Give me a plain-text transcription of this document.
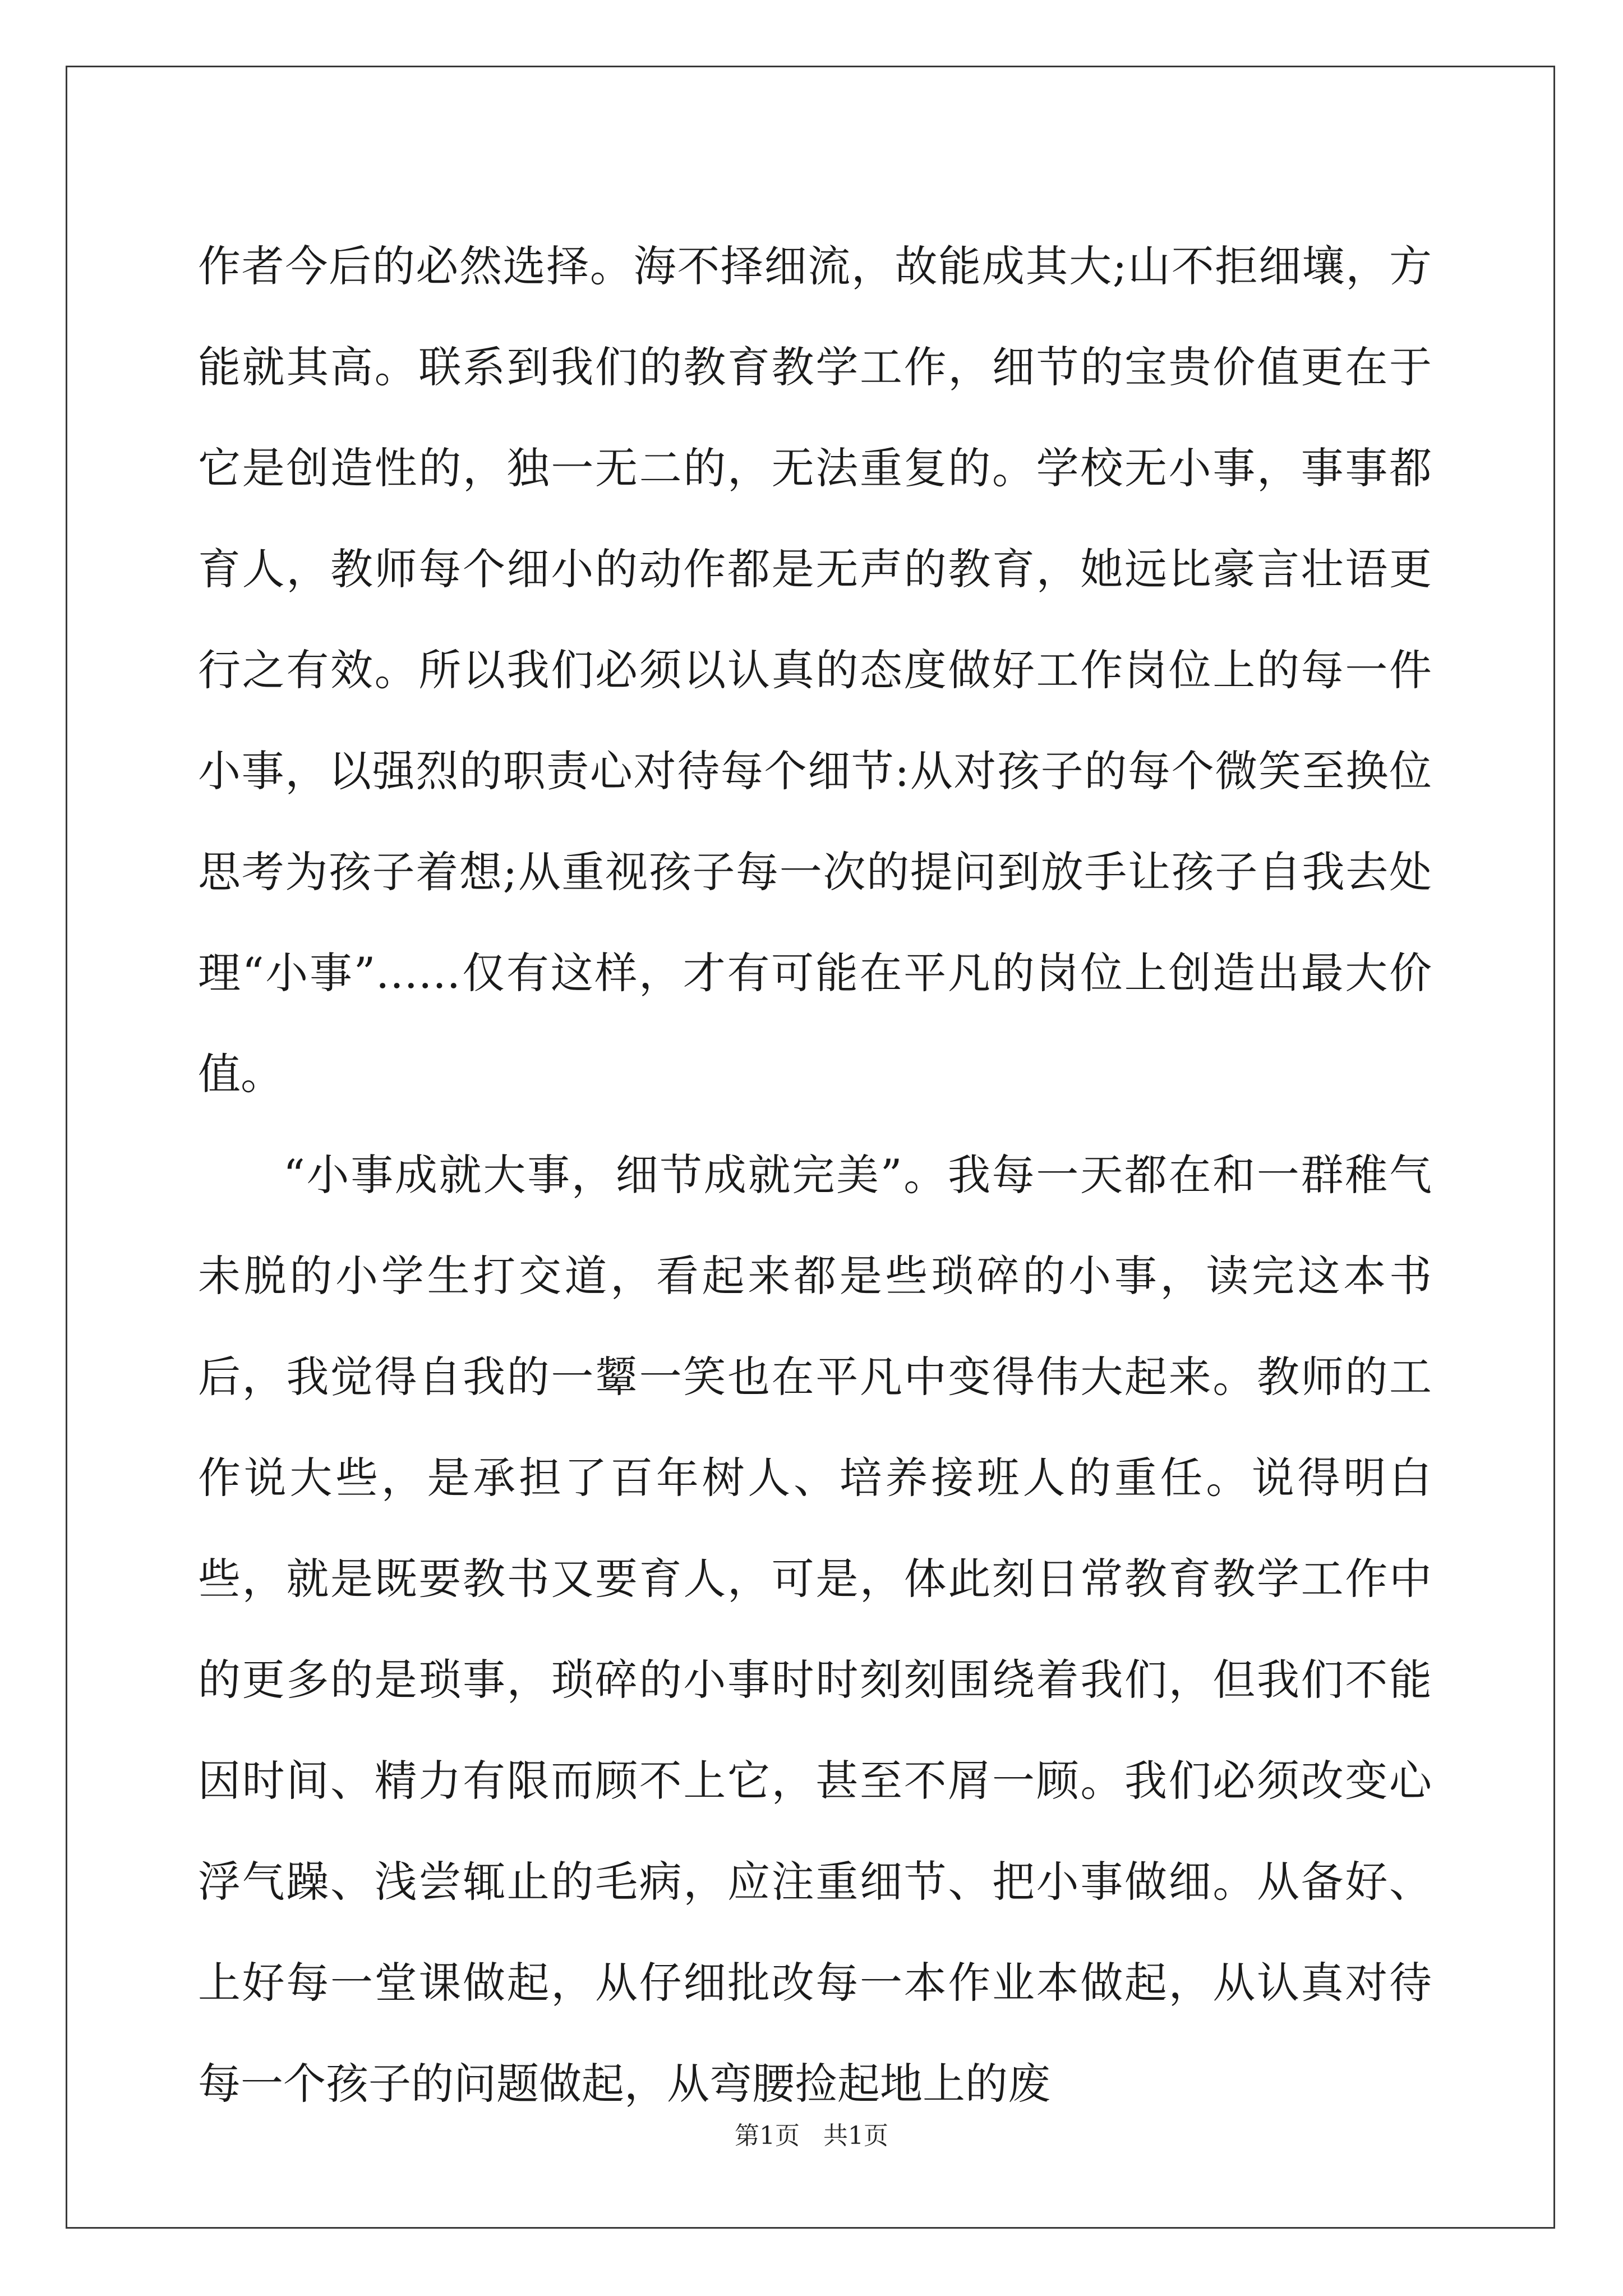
作者今后的必然选择。海不择细流，故能成其大;山不拒细壤，方能就其高。联系到我们的教育教学工作，细节的宝贵价值更在于它是创造性的，独一无二的，无法重复的。学校无小事，事事都育人，教师每个细小的动作都是无声的教育，她远比豪言壮语更行之有效。所以我们必须以认真的态度做好工作岗位上的每一件小事，以强烈的职责心对待每个细节:从对孩子的每个微笑至换位思考为孩子着想;从重视孩子每一次的提问到放手让孩子自我去处理“小事”……仅有这样，才有可能在平凡的岗位上创造出最大价值。

“小事成就大事，细节成就完美”。我每一天都在和一群稚气未脱的小学生打交道，看起来都是些琐碎的小事，读完这本书后，我觉得自我的一颦一笑也在平凡中变得伟大起来。教师的工作说大些，是承担了百年树人、培养接班人的重任。说得明白些，就是既要教书又要育人，可是，体此刻日常教育教学工作中的更多的是琐事，琐碎的小事时时刻刻围绕着我们，但我们不能因时间、精力有限而顾不上它，甚至不屑一顾。我们必须改变心浮气躁、浅尝辄止的毛病，应注重细节、把小事做细。从备好、上好每一堂课做起，从仔细批改每一本作业本做起，从认真对待每一个孩子的问题做起，从弯腰捡起地上的废

第1页 共1页
